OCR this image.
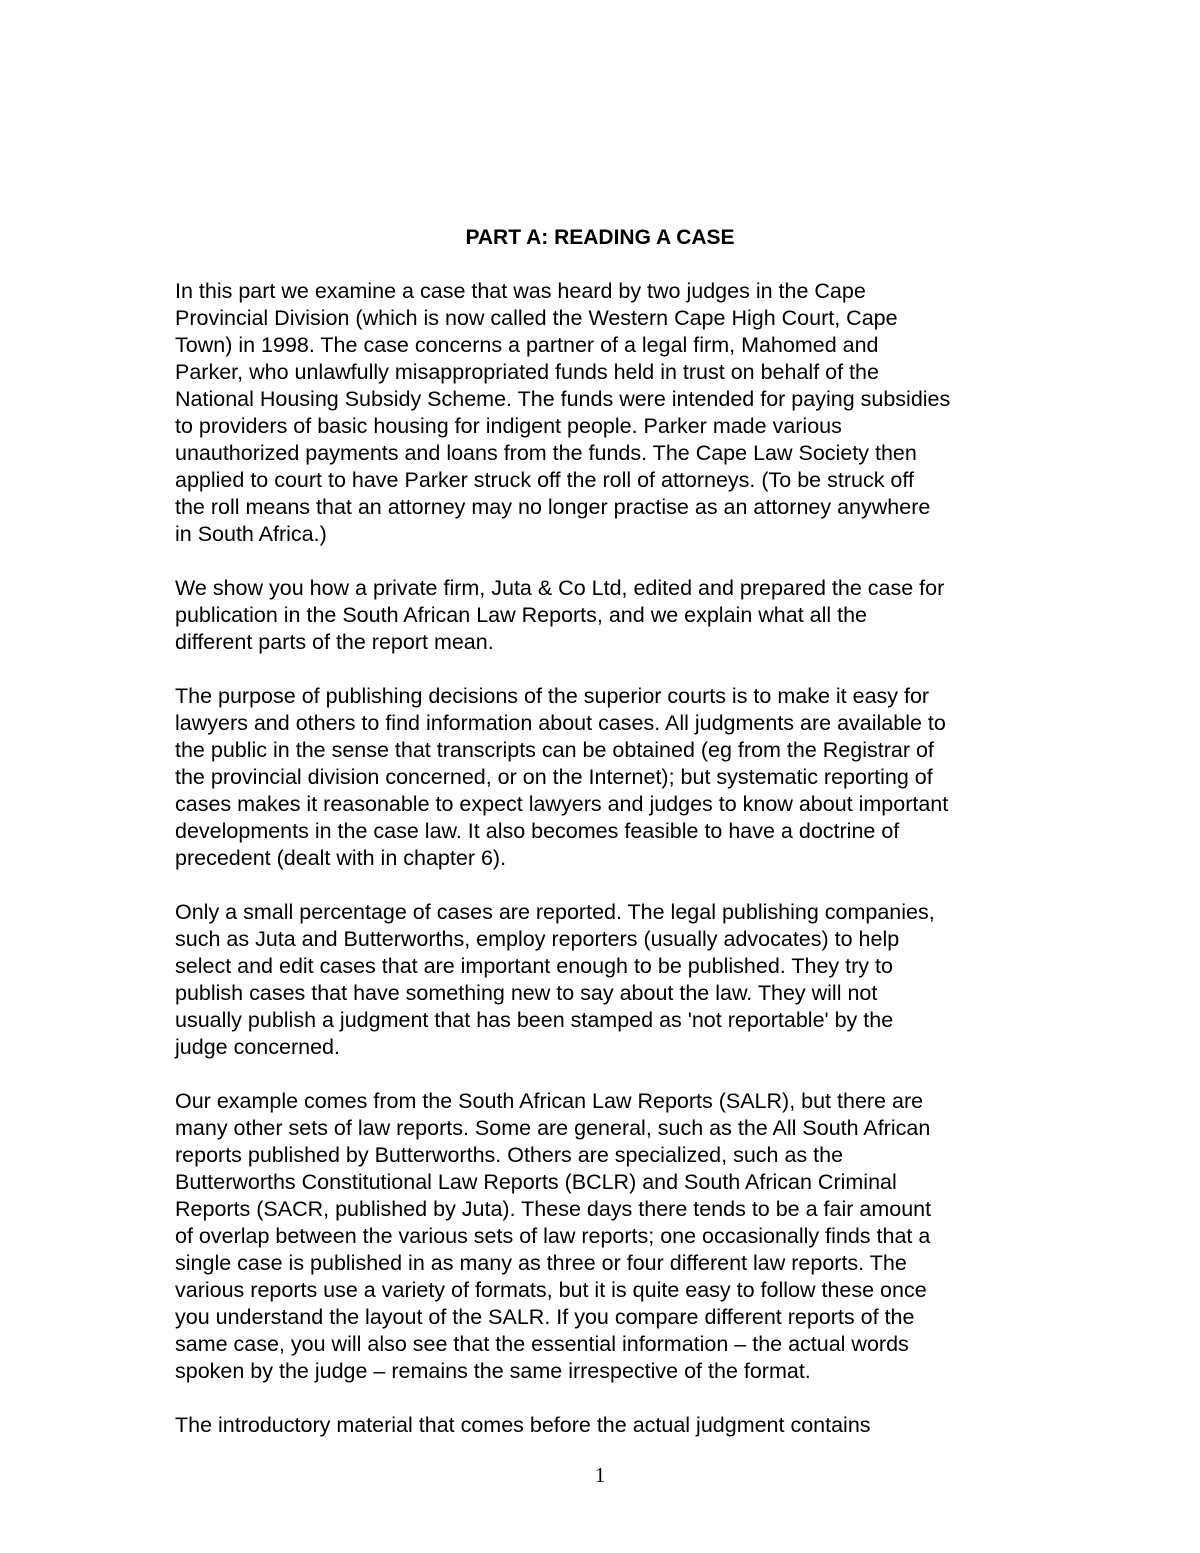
PART A: READING A CASE

In this part we examine a case that was heard by two judges in the Cape
Provincial Division (which is now called the Western Cape High Court, Cape
Town) in 1998. The case concerns a partner of a legal firm, Mahomed and
Parker, who unlawfully misappropriated funds held in trust on behalf of the
National Housing Subsidy Scheme. The funds were intended for paying subsidies
to providers of basic housing for indigent people. Parker made various
unauthorized payments and loans from the funds. The Cape Law Society then
applied to court to have Parker struck off the roll of attorneys. (To be struck off
the roll means that an attorney may no longer practise as an attorney anywhere
in South Africa.)

We show you how a private firm, Juta & Co Ltd, edited and prepared the case for
publication in the South African Law Reports, and we explain what all the
different parts of the report mean.

The purpose of publishing decisions of the superior courts is to make it easy for
lawyers and others to find information about cases. All judgments are available to
the public in the sense that transcripts can be obtained (eg from the Registrar of
the provincial division concerned, or on the Internet); but systematic reporting of
cases makes it reasonable to expect lawyers and judges to know about important
developments in the case law. It also becomes feasible to have a doctrine of
precedent (dealt with in chapter 6).

Only a small percentage of cases are reported. The legal publishing companies,
such as Juta and Butterworths, employ reporters (usually advocates) to help
select and edit cases that are important enough to be published. They try to
publish cases that have something new to say about the law. They will not
usually publish a judgment that has been stamped as 'not reportable' by the
judge concerned.

Our example comes from the South African Law Reports (SALR), but there are
many other sets of law reports. Some are general, such as the All South African
reports published by Butterworths. Others are specialized, such as the
Butterworths Constitutional Law Reports (BCLR) and South African Criminal
Reports (SACR, published by Juta). These days there tends to be a fair amount
of overlap between the various sets of law reports; one occasionally finds that a
single case is published in as many as three or four different law reports. The
various reports use a variety of formats, but it is quite easy to follow these once
you understand the layout of the SALR. If you compare different reports of the
same case, you will also see that the essential information – the actual words
spoken by the judge – remains the same irrespective of the format.

The introductory material that comes before the actual judgment contains

1
